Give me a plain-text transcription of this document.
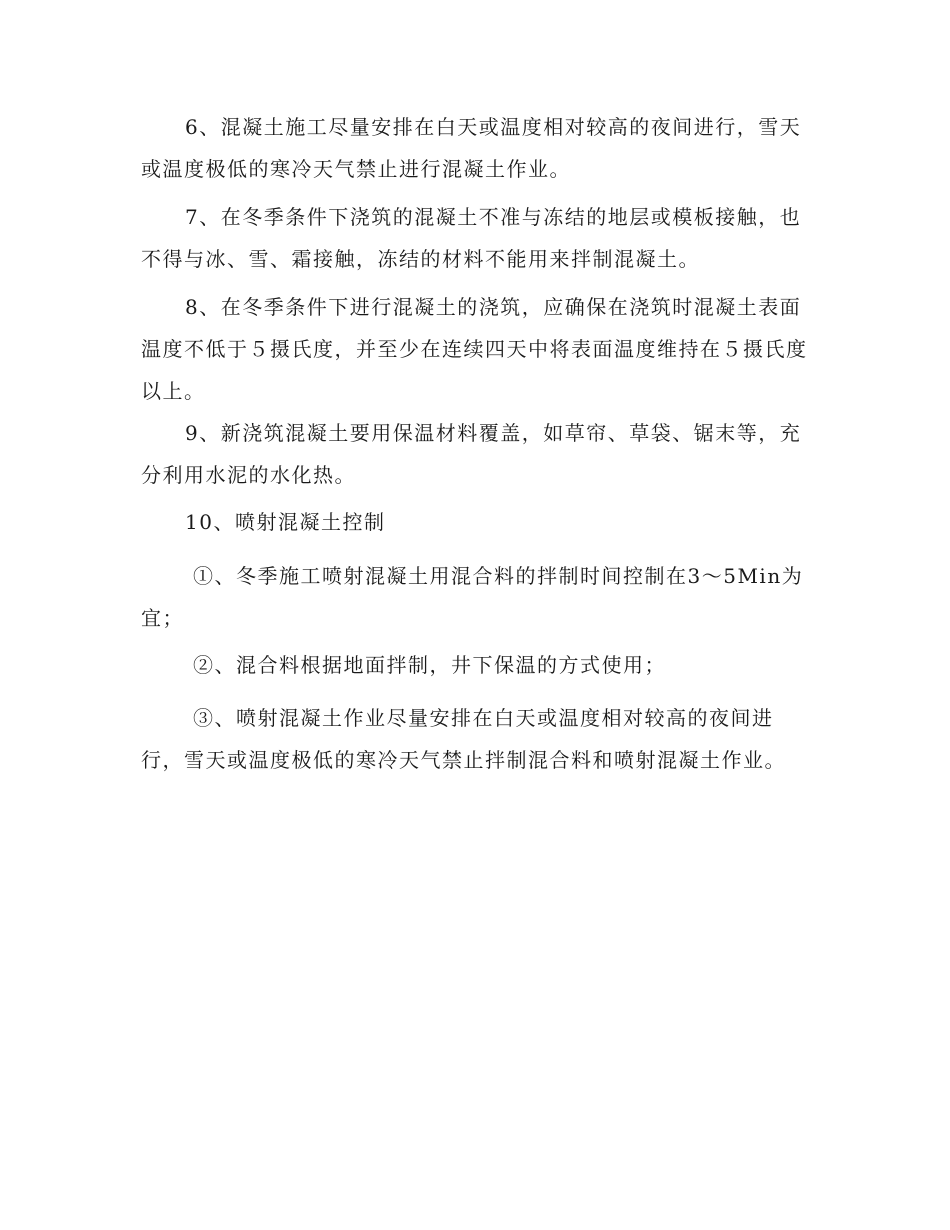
6、混凝土施工尽量安排在白天或温度相对较高的夜间进行，雪天
或温度极低的寒冷天气禁止进行混凝土作业。
7、在冬季条件下浇筑的混凝土不准与冻结的地层或模板接触，也
不得与冰、雪、霜接触，冻结的材料不能用来拌制混凝土。
8、在冬季条件下进行混凝土的浇筑，应确保在浇筑时混凝土表面
温度不低于５摄氏度，并至少在连续四天中将表面温度维持在５摄氏度
以上。
9、新浇筑混凝土要用保温材料覆盖，如草帘、草袋、锯末等，充
分利用水泥的水化热。
10、喷射混凝土控制
①、冬季施工喷射混凝土用混合料的拌制时间控制在3～5Min为
宜；
②、混合料根据地面拌制，井下保温的方式使用；
③、喷射混凝土作业尽量安排在白天或温度相对较高的夜间进
行，雪天或温度极低的寒冷天气禁止拌制混合料和喷射混凝土作业。
